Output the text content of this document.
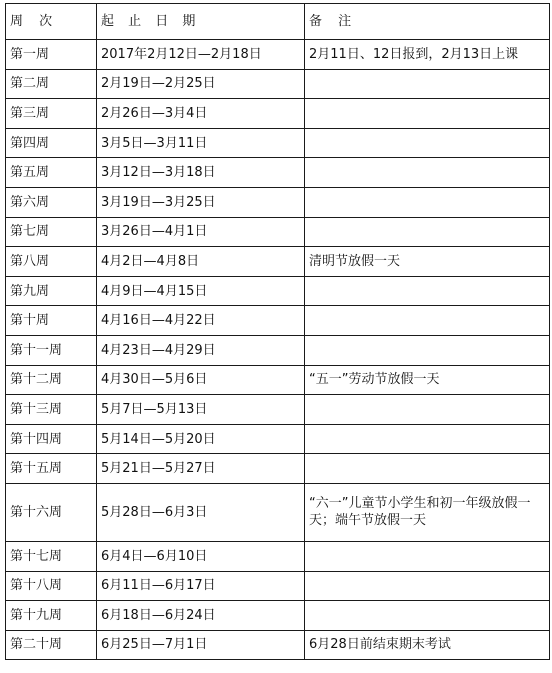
周 次	起 止 日 期	备 注
第一周	2017年2月12日—2月18日	2月11日、12日报到，2月13日上课
第二周	2月19日—2月25日	
第三周	2月26日—3月4日	
第四周	3月5日—3月11日	
第五周	3月12日—3月18日	
第六周	3月19日—3月25日	
第七周	3月26日—4月1日	
第八周	4月2日—4月8日	清明节放假一天
第九周	4月9日—4月15日	
第十周	4月16日—4月22日	
第十一周	4月23日—4月29日	
第十二周	4月30日—5月6日	“五一”劳动节放假一天
第十三周	5月7日—5月13日	
第十四周	5月14日—5月20日	
第十五周	5月21日—5月27日	
第十六周	5月28日—6月3日	“六一”儿童节小学生和初一年级放假一天；端午节放假一天
第十七周	6月4日—6月10日	
第十八周	6月11日—6月17日	
第十九周	6月18日—6月24日	
第二十周	6月25日—7月1日	6月28日前结束期末考试
